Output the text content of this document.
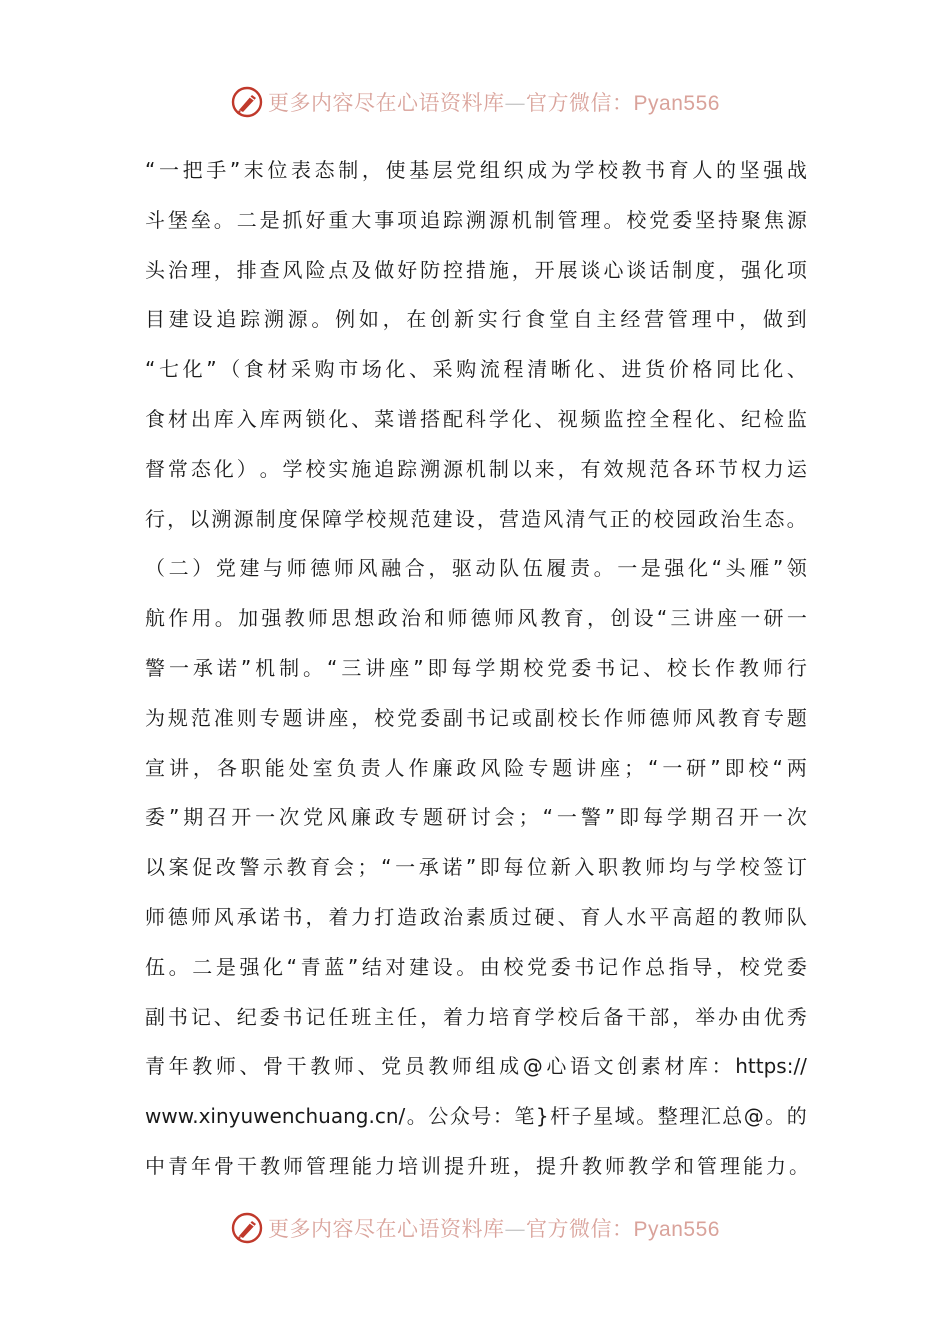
更多内容尽在心语资料库—官方微信：Pyan556
“ 一 把 手 ” 末 位 表 态 制 ， 使 基 层 党 组 织 成 为 学 校 教 书 育 人 的 坚 强 战
斗 堡 垒 。 二 是 抓 好 重 大 事 项 追 踪 溯 源 机 制 管 理 。 校 党 委 坚 持 聚 焦 源
头 治 理 ， 排 查 风 险 点 及 做 好 防 控 措 施 ， 开 展 谈 心 谈 话 制 度 ， 强 化 项
目 建 设 追 踪 溯 源 。 例 如 ， 在 创 新 实 行 食 堂 自 主 经 营 管 理 中 ， 做 到
“ 七 化 ” （ 食 材 采 购 市 场 化 、 采 购 流 程 清 晰 化 、 进 货 价 格 同 比 化 、
食 材 出 库 入 库 两 锁 化 、 菜 谱 搭 配 科 学 化 、 视 频 监 控 全 程 化 、 纪 检 监
督 常 态 化 ） 。 学 校 实 施 追 踪 溯 源 机 制 以 来 ， 有 效 规 范 各 环 节 权 力 运
行 ， 以 溯 源 制 度 保 障 学 校 规 范 建 设 ， 营 造 风 清 气 正 的 校 园 政 治 生 态 。
（ 二 ） 党 建 与 师 德 师 风 融 合 ， 驱 动 队 伍 履 责 。 一 是 强 化 “ 头 雁 ” 领
航 作 用 。 加 强 教 师 思 想 政 治 和 师 德 师 风 教 育 ， 创 设 “ 三 讲 座 一 研 一
警 一 承 诺 ” 机 制 。 “ 三 讲 座 ” 即 每 学 期 校 党 委 书 记 、 校 长 作 教 师 行
为 规 范 准 则 专 题 讲 座 ， 校 党 委 副 书 记 或 副 校 长 作 师 德 师 风 教 育 专 题
宣 讲 ， 各 职 能 处 室 负 责 人 作 廉 政 风 险 专 题 讲 座 ； “ 一 研 ” 即 校 “ 两
委 ” 期 召 开 一 次 党 风 廉 政 专 题 研 讨 会 ； “ 一 警 ” 即 每 学 期 召 开 一 次
以 案 促 改 警 示 教 育 会 ； “ 一 承 诺 ” 即 每 位 新 入 职 教 师 均 与 学 校 签 订
师 德 师 风 承 诺 书 ， 着 力 打 造 政 治 素 质 过 硬 、 育 人 水 平 高 超 的 教 师 队
伍 。 二 是 强 化 “ 青 蓝 ” 结 对 建 设 。 由 校 党 委 书 记 作 总 指 导 ， 校 党 委
副 书 记 、 纪 委 书 记 任 班 主 任 ， 着 力 培 育 学 校 后 备 干 部 ， 举 办 由 优 秀
青 年 教 师 、 骨 干 教 师 、 党 员 教 师 组 成 @ 心 语 文 创 素 材 库 ： https://
www.xinyuwenchuang.cn/ 。 公 众 号 ： 笔 } 杆 子 星 域 。 整 理 汇 总 @ 。 的
中 青 年 骨 干 教 师 管 理 能 力 培 训 提 升 班 ， 提 升 教 师 教 学 和 管 理 能 力 。
更多内容尽在心语资料库—官方微信：Pyan556
